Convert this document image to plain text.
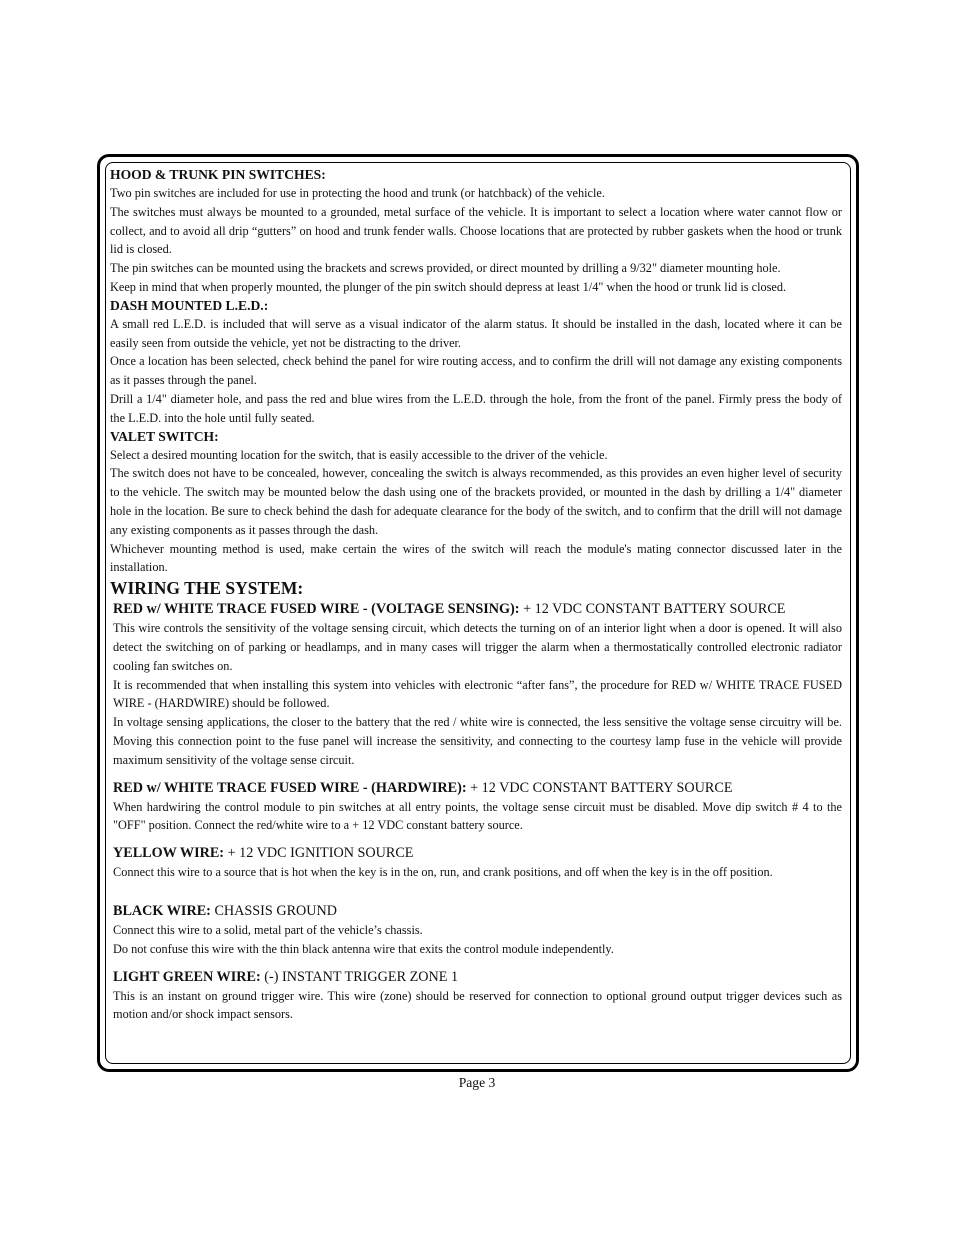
HOOD & TRUNK PIN SWITCHES:

Two pin switches are included for use in protecting the hood and trunk (or hatchback) of the vehicle.

The switches must always be mounted to a grounded, metal surface of the vehicle. It is important to select a location where water cannot flow or collect, and to avoid all drip “gutters” on hood and trunk fender walls. Choose locations that are protected by rubber gaskets when the hood or trunk lid is closed.

The pin switches can be mounted using the brackets and screws provided, or direct mounted by drilling a 9/32" diameter mounting hole.

Keep in mind that when properly mounted, the plunger of the pin switch should depress at least 1/4" when the hood or trunk lid is closed.

DASH MOUNTED L.E.D.:

A small red L.E.D. is included that will serve as a visual indicator of the alarm status. It should be installed in the dash, located where it can be easily seen from outside the vehicle, yet not be distracting to the driver.

Once a location has been selected, check behind the panel for wire routing access, and to confirm the drill will not damage any existing components as it passes through the panel.

Drill a 1/4" diameter hole, and pass the red and blue wires from the L.E.D. through the hole, from the front of the panel. Firmly press the body of the L.E.D. into the hole until fully seated.

VALET SWITCH:

Select a desired mounting location for the switch, that is easily accessible to the driver of the vehicle.

The switch does not have to be concealed, however, concealing the switch is always recommended, as this provides an even higher level of security to the vehicle. The switch may be mounted below the dash using one of the brackets provided, or mounted in the dash by drilling a 1/4" diameter hole in the location. Be sure to check behind the dash for adequate clearance for the body of the switch, and to confirm that the drill will not damage any existing components as it passes through the dash.

Whichever mounting method is used, make certain the wires of the switch will reach the module's mating connector discussed later in the installation.

WIRING THE SYSTEM:

RED w/ WHITE TRACE FUSED WIRE - (VOLTAGE SENSING): + 12 VDC CONSTANT BATTERY SOURCE

This wire controls the sensitivity of the voltage sensing circuit, which detects the turning on of an interior light when a door is opened. It will also detect the switching on of parking or headlamps, and in many cases will trigger the alarm when a thermostatically controlled electronic radiator cooling fan switches on.

It is recommended that when installing this system into vehicles with electronic “after fans”, the procedure for RED w/ WHITE TRACE FUSED WIRE - (HARDWIRE) should be followed.

In voltage sensing applications, the closer to the battery that the red / white wire is connected, the less sensitive the voltage sense circuitry will be. Moving this connection point to the fuse panel will increase the sensitivity, and connecting to the courtesy lamp fuse in the vehicle will provide maximum sensitivity of the voltage sense circuit.

RED w/ WHITE TRACE FUSED WIRE - (HARDWIRE): + 12 VDC CONSTANT BATTERY SOURCE

When hardwiring the control module to pin switches at all entry points, the voltage sense circuit must be disabled. Move dip switch # 4 to the "OFF" position. Connect the red/white wire to a + 12 VDC constant battery source.

YELLOW WIRE: + 12 VDC IGNITION SOURCE

Connect this wire to a source that is hot when the key is in the on, run, and crank positions, and off when the key is in the off position.

BLACK WIRE: CHASSIS GROUND

Connect this wire to a solid, metal part of the vehicle’s chassis.

Do not confuse this wire with the thin black antenna wire that exits the control module independently.

LIGHT GREEN WIRE: (-) INSTANT TRIGGER ZONE 1

This is an instant on ground trigger wire. This wire (zone) should be reserved for connection to optional ground output trigger devices such as motion and/or shock impact sensors.

Page 3
